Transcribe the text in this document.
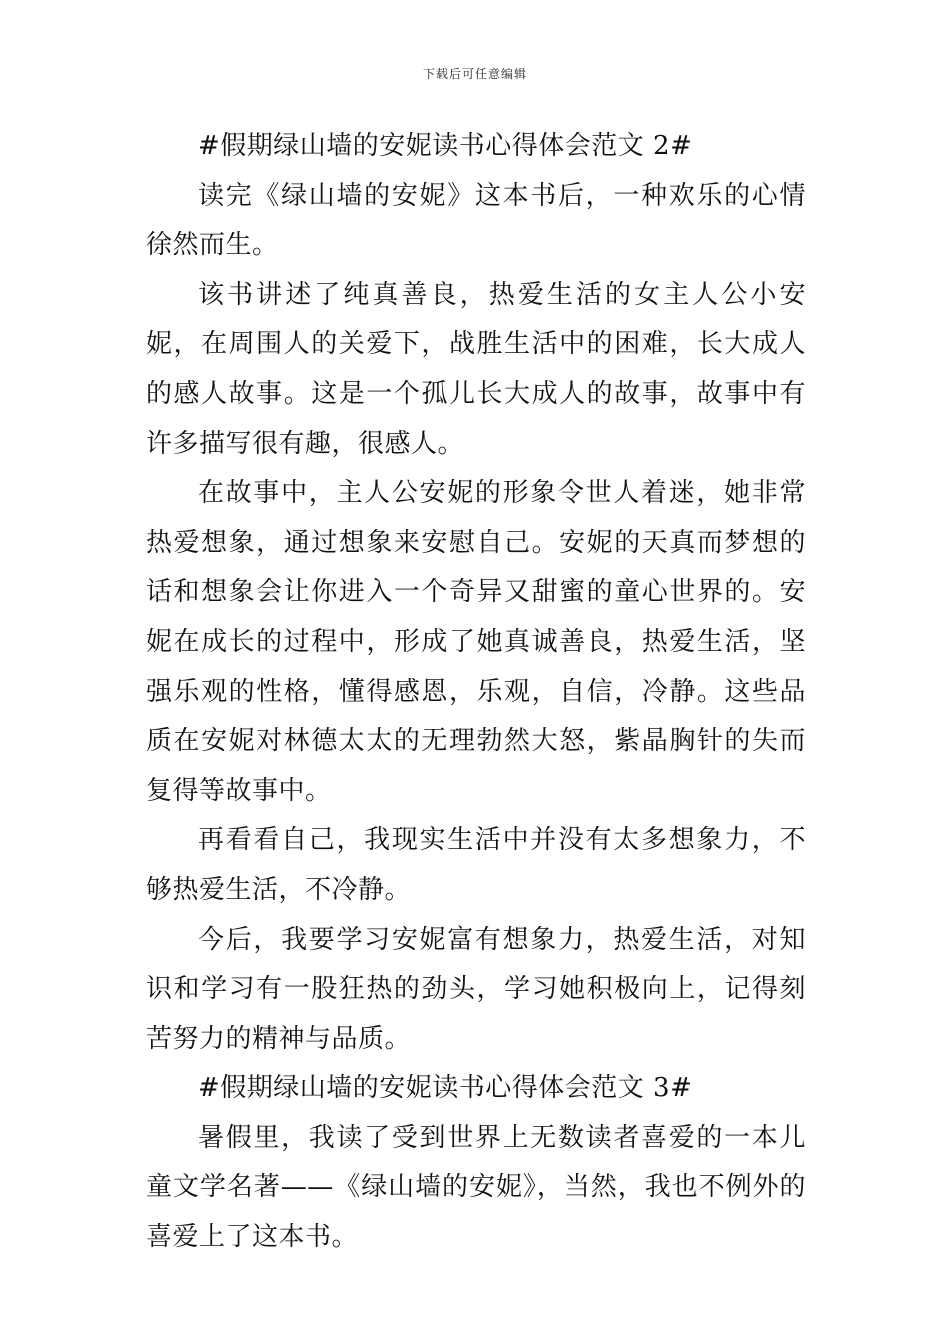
下载后可任意编辑

#假期绿山墙的安妮读书心得体会范文 2#

读完《绿山墙的安妮》这本书后，一种欢乐的心情徐然而生。

该书讲述了纯真善良，热爱生活的女主人公小安妮，在周围人的关爱下，战胜生活中的困难，长大成人的感人故事。这是一个孤儿长大成人的故事，故事中有许多描写很有趣，很感人。

在故事中，主人公安妮的形象令世人着迷，她非常热爱想象，通过想象来安慰自己。安妮的天真而梦想的话和想象会让你进入一个奇异又甜蜜的童心世界的。安妮在成长的过程中，形成了她真诚善良，热爱生活，坚强乐观的性格，懂得感恩，乐观，自信，冷静。这些品质在安妮对林德太太的无理勃然大怒，紫晶胸针的失而复得等故事中。

再看看自己，我现实生活中并没有太多想象力，不够热爱生活，不冷静。

今后，我要学习安妮富有想象力，热爱生活，对知识和学习有一股狂热的劲头，学习她积极向上，记得刻苦努力的精神与品质。

#假期绿山墙的安妮读书心得体会范文 3#

暑假里，我读了受到世界上无数读者喜爱的一本儿童文学名著——《绿山墙的安妮》，当然，我也不例外的喜爱上了这本书。
